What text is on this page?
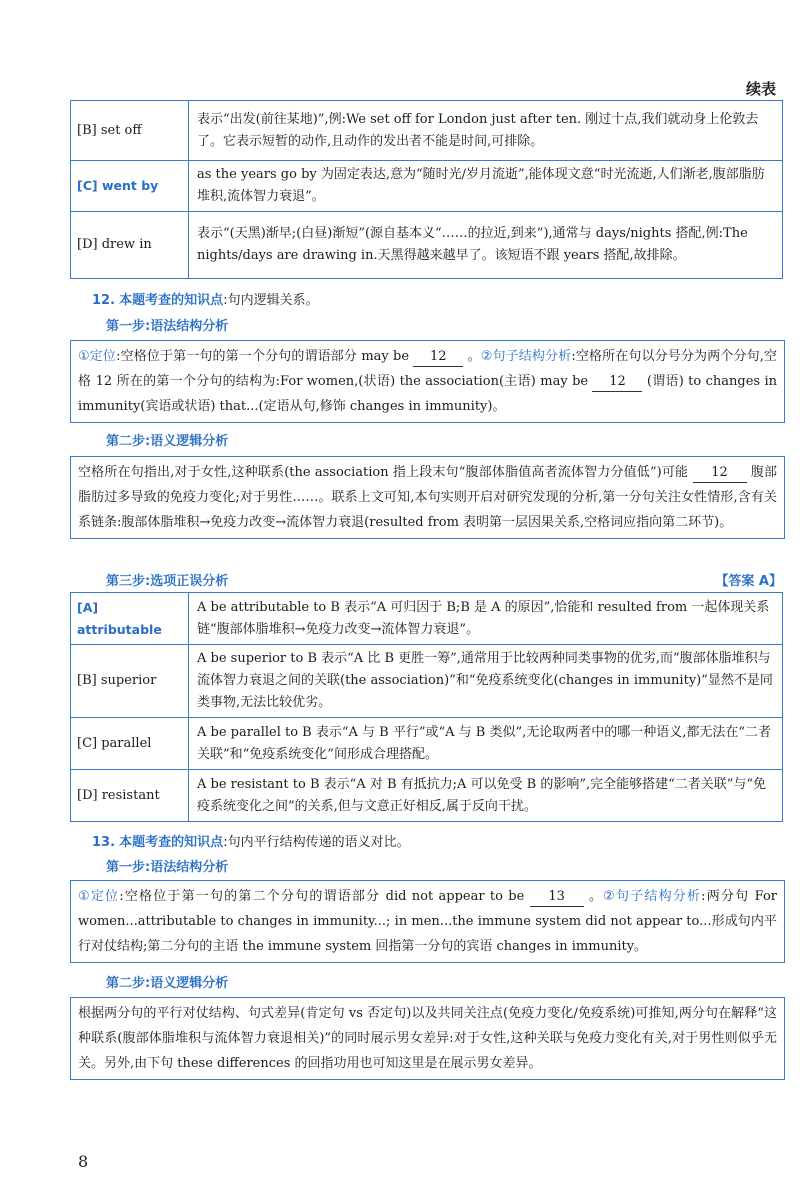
续表
[B] set off	表示“出发(前往某地)”,例:We set off for London just after ten. 刚过十点,我们就动身上伦敦去了。它表示短暂的动作,且动作的发出者不能是时间,可排除。
[C] went by	as the years go by 为固定表达,意为“随时光/岁月流逝”,能体现文意“时光流逝,人们渐老,腹部脂肪堆积,流体智力衰退”。
[D] drew in	表示“(天黑)渐早;(白昼)渐短”(源自基本义“……的拉近,到来”),通常与 days/nights 搭配,例:The nights/days are drawing in.天黑得越来越早了。该短语不跟 years 搭配,故排除。
12. 本题考查的知识点:句内逻辑关系。
第一步:语法结构分析
①定位:空格位于第一句的第一个分句的谓语部分 may be 12 。②句子结构分析:空格所在句以分号分为两个分句,空格 12 所在的第一个分句的结构为:For women,(状语) the association(主语) may be 12 (谓语) to changes in immunity(宾语或状语) that...(定语从句,修饰 changes in immunity)。
第二步:语义逻辑分析
空格所在句指出,对于女性,这种联系(the association 指上段末句“腹部体脂值高者流体智力分值低”)可能 12 腹部脂肪过多导致的免疫力变化;对于男性……。联系上文可知,本句实则开启对研究发现的分析,第一分句关注女性情形,含有关系链条:腹部体脂堆积→免疫力改变→流体智力衰退(resulted from 表明第一层因果关系,空格词应指向第二环节)。
第三步:选项正误分析	【答案 A】
[A] attributable	A be attributable to B 表示“A 可归因于 B;B 是 A 的原因”,恰能和 resulted from 一起体现关系链“腹部体脂堆积→免疫力改变→流体智力衰退”。
[B] superior	A be superior to B 表示“A 比 B 更胜一筹”,通常用于比较两种同类事物的优劣,而“腹部体脂堆积与流体智力衰退之间的关联(the association)”和“免疫系统变化(changes in immunity)”显然不是同类事物,无法比较优劣。
[C] parallel	A be parallel to B 表示“A 与 B 平行”或“A 与 B 类似”,无论取两者中的哪一种语义,都无法在“二者关联”和“免疫系统变化”间形成合理搭配。
[D] resistant	A be resistant to B 表示“A 对 B 有抵抗力;A 可以免受 B 的影响”,完全能够搭建“二者关联”与“免疫系统变化之间”的关系,但与文意正好相反,属于反向干扰。
13. 本题考查的知识点:句内平行结构传递的语义对比。
第一步:语法结构分析
①定位:空格位于第一句的第二个分句的谓语部分 did not appear to be 13 。②句子结构分析:两分句 For women...attributable to changes in immunity...; in men...the immune system did not appear to...形成句内平行对仗结构;第二分句的主语 the immune system 回指第一分句的宾语 changes in immunity。
第二步:语义逻辑分析
根据两分句的平行对仗结构、句式差异(肯定句 vs 否定句)以及共同关注点(免疫力变化/免疫系统)可推知,两分句在解释“这种联系(腹部体脂堆积与流体智力衰退相关)”的同时展示男女差异:对于女性,这种关联与免疫力变化有关,对于男性则似乎无关。另外,由下句 these differences 的回指功用也可知这里是在展示男女差异。
8
